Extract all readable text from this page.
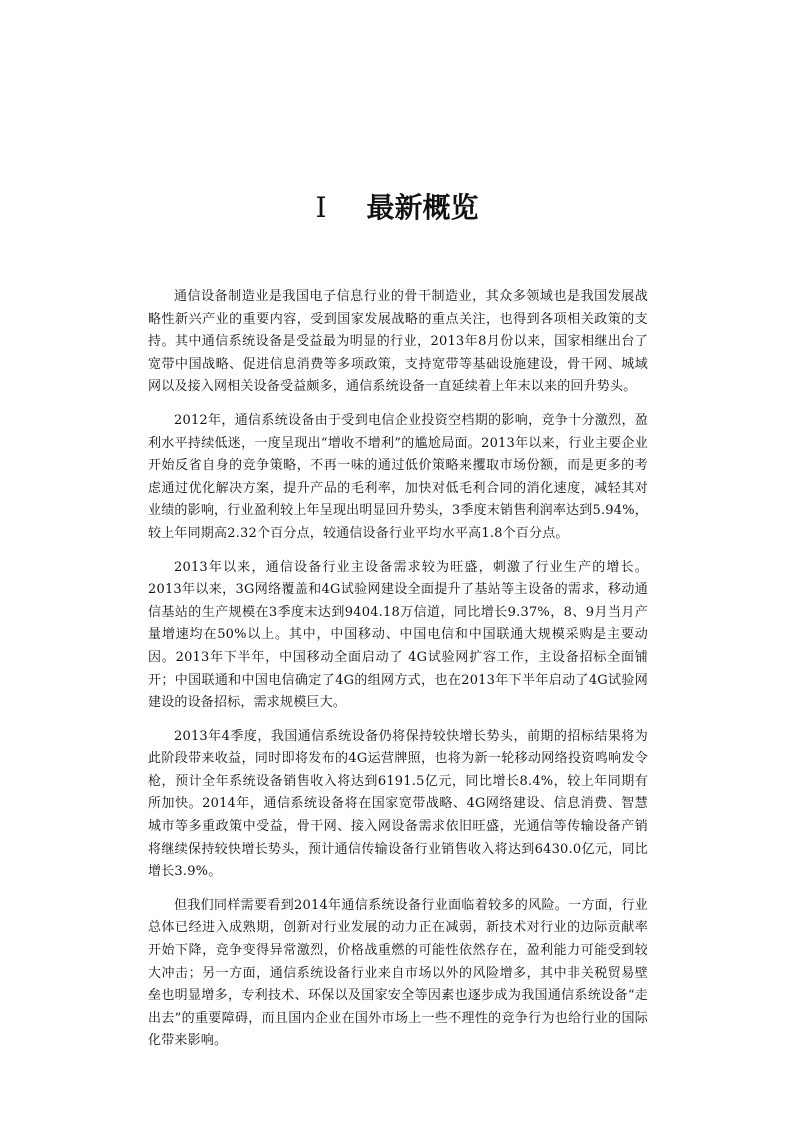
I 最新概览

通信设备制造业是我国电子信息行业的骨干制造业，其众多领域也是我国发展战略性新兴产业的重要内容，受到国家发展战略的重点关注，也得到各项相关政策的支持。其中通信系统设备是受益最为明显的行业，2013年8月份以来，国家相继出台了宽带中国战略、促进信息消费等多项政策，支持宽带等基础设施建设，骨干网、城域网以及接入网相关设备受益颇多，通信系统设备一直延续着上年末以来的回升势头。

2012年，通信系统设备由于受到电信企业投资空档期的影响，竞争十分激烈，盈利水平持续低迷，一度呈现出“增收不增利”的尴尬局面。2013年以来，行业主要企业开始反省自身的竞争策略，不再一味的通过低价策略来攫取市场份额，而是更多的考虑通过优化解决方案，提升产品的毛利率，加快对低毛利合同的消化速度，减轻其对业绩的影响，行业盈利较上年呈现出明显回升势头，3季度末销售利润率达到5.94%，较上年同期高2.32个百分点，较通信设备行业平均水平高1.8个百分点。

2013年以来，通信设备行业主设备需求较为旺盛，刺激了行业生产的增长。2013年以来，3G网络覆盖和4G试验网建设全面提升了基站等主设备的需求，移动通信基站的生产规模在3季度末达到9404.18万信道，同比增长9.37%，8、9月当月产量增速均在50%以上。其中，中国移动、中国电信和中国联通大规模采购是主要动因。2013年下半年，中国移动全面启动了 4G试验网扩容工作，主设备招标全面铺开；中国联通和中国电信确定了4G的组网方式，也在2013年下半年启动了4G试验网建设的设备招标，需求规模巨大。

2013年4季度，我国通信系统设备仍将保持较快增长势头，前期的招标结果将为此阶段带来收益，同时即将发布的4G运营牌照，也将为新一轮移动网络投资鸣响发令枪，预计全年系统设备销售收入将达到6191.5亿元，同比增长8.4%，较上年同期有所加快。2014年，通信系统设备将在国家宽带战略、4G网络建设、信息消费、智慧城市等多重政策中受益，骨干网、接入网设备需求依旧旺盛，光通信等传输设备产销将继续保持较快增长势头，预计通信传输设备行业销售收入将达到6430.0亿元，同比增长3.9%。

但我们同样需要看到2014年通信系统设备行业面临着较多的风险。一方面，行业总体已经进入成熟期，创新对行业发展的动力正在减弱，新技术对行业的边际贡献率开始下降，竞争变得异常激烈，价格战重燃的可能性依然存在，盈利能力可能受到较大冲击；另一方面，通信系统设备行业来自市场以外的风险增多，其中非关税贸易壁垒也明显增多，专利技术、环保以及国家安全等因素也逐步成为我国通信系统设备“走出去”的重要障碍，而且国内企业在国外市场上一些不理性的竞争行为也给行业的国际化带来影响。
